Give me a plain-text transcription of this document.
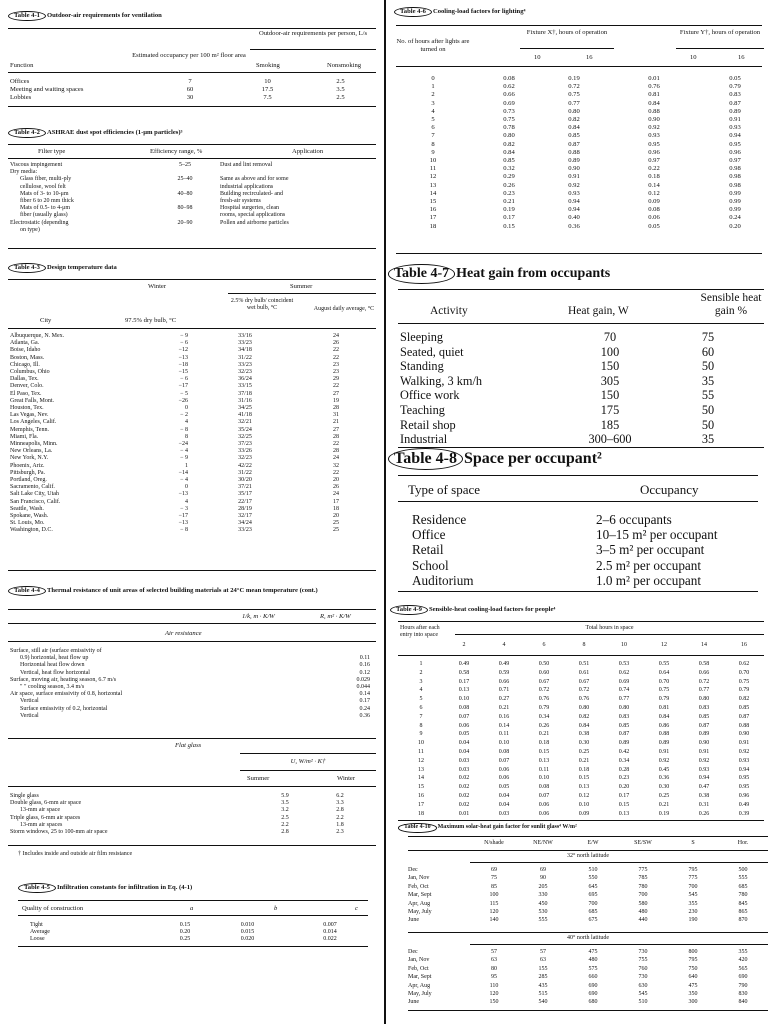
Table 4-1 Outdoor-air requirements for ventilation
Outdoor-air requirements per person, L/s
Estimated occupancy per 100 m² floor area
Function	Smoking	Nonsmoking
Offices	7	10	2.5
Meeting and waiting spaces	60	17.5	3.5
Lobbies	30	7.5	2.5
Table 4-2 ASHRAE dust spot efficiencies (1-μm particles)³
Filter type	Efficiency range, %	Application
Viscous impingement	5–25	Dust and lint removal
Dry media:		
Glass fiber, multi-ply	25–40	Same as above and for some
cellulose, wool felt		industrial applications
Mats of 3- to 10-μm	40–80	Building recirculated- and
fiber 6 to 20 mm thick		fresh-air systems
Mats of 0.5- to 4-μm	80–98	Hospital surgeries, clean
fiber (usually glass)		rooms, special applications
Electrostatic (depending	20–90	Pollen and airborne particles
on type)		
Table 4-3 Design temperature data
Winter	Summer
2.5% dry bulb/ coincident wet bulb, °C	August daily average, °C
City	97.5% dry bulb, °C
Albuquerque, N. Mex.	− 9	33/16	24
Atlanta, Ga.	− 6	33/23	26
Boise, Idaho	−12	34/18	22
Boston, Mass.	−13	31/22	22
Chicago, Ill.	−18	33/23	23
Columbus, Ohio	−15	32/23	23
Dallas, Tex.	− 6	36/24	29
Denver, Colo.	−17	33/15	22
El Paso, Tex.	− 5	37/18	27
Great Falls, Mont.	−26	31/16	19
Houston, Tex.	0	34/25	28
Las Vegas, Nev.	− 2	41/18	31
Los Angeles, Calif.	4	32/21	21
Memphis, Tenn.	− 8	35/24	27
Miami, Fla.	8	32/25	28
Minneapolis, Minn.	−24	37/23	22
New Orleans, La.	− 4	33/26	28
New York, N.Y.	− 9	32/23	24
Phoenix, Ariz.	1	42/22	32
Pittsburgh, Pa.	−14	31/22	22
Portland, Oreg.	− 4	30/20	20
Sacramento, Calif.	0	37/21	26
Salt Lake City, Utah	−13	35/17	24
San Francisco, Calif.	4	22/17	17
Seattle, Wash.	− 3	28/19	18
Spokane, Wash.	−17	32/17	20
St. Louis, Mo.	−13	34/24	25
Washington, D.C.	− 8	33/23	25
Table 4-4 Thermal resistance of unit areas of selected building materials at 24°C mean temperature (cont.)
1/k, m · K/W	R, m² · K/W
Air resistance
Surface, still air (surface emissivity of	
0.9) horizontal, heat flow up	0.11
Horizontal heat flow down	0.16
Vertical, heat flow horizontal	0.12
Surface, moving air, heating season, 6.7 m/s	0.029
″ ″ cooling season, 3.4 m/s	0.044
Air space, surface emissivity of 0.8, horizontal	0.14
Vertical	0.17
Surface emissivity of 0.2, horizontal	0.24
Vertical	0.36
Flat glass
U, W/m² · K†
Summer	Winter
Single glass	5.9	6.2
Double glass, 6-mm air space	3.5	3.3
13-mm air space	3.2	2.8
Triple glass, 6-mm air spaces	2.5	2.2
13-mm air spaces	2.2	1.8
Storm windows, 25 to 100-mm air space	2.8	2.3
† Includes inside and outside air film resistance
Table 4-5 Infiltration constants for infiltration in Eq. (4-1)
Quality of construction	a	b	c
Tight	0.15	0.010	0.007
Average	0.20	0.015	0.014
Loose	0.25	0.020	0.022
Table 4-6 Cooling-load factors for lighting⁴
No. of hours after lights are turned on
Fixture X†, hours of operation	Fixture Y†, hours of operation
10	16	10	16
0	0.08	0.19	0.01	0.05
1	0.62	0.72	0.76	0.79
2	0.66	0.75	0.81	0.83
3	0.69	0.77	0.84	0.87
4	0.73	0.80	0.88	0.89
5	0.75	0.82	0.90	0.91
6	0.78	0.84	0.92	0.93
7	0.80	0.85	0.93	0.94
8	0.82	0.87	0.95	0.95
9	0.84	0.88	0.96	0.96
10	0.85	0.89	0.97	0.97
11	0.32	0.90	0.22	0.98
12	0.29	0.91	0.18	0.98
13	0.26	0.92	0.14	0.98
14	0.23	0.93	0.12	0.99
15	0.21	0.94	0.09	0.99
16	0.19	0.94	0.08	0.99
17	0.17	0.40	0.06	0.24
18	0.15	0.36	0.05	0.20
Table 4-7 Heat gain from occupants
Activity	Heat gain, W
Sensible heat gain %
Sleeping	70	75
Seated, quiet	100	60
Standing	150	50
Walking, 3 km/h	305	35
Office work	150	55
Teaching	175	50
Retail shop	185	50
Industrial	300–600	35
Table 4-8 Space per occupant²
Type of space	Occupancy
Residence	2–6 occupants
Office	10–15 m² per occupant
Retail	3–5 m² per occupant
School	2.5 m² per occupant
Auditorium	1.0 m² per occupant
Table 4-9 Sensible-heat cooling-load factors for people⁴
Hours after each entry into space
Total hours in space
	2	4	6	8	10	12	14	16
1	0.49	0.49	0.50	0.51	0.53	0.55	0.58	0.62
2	0.58	0.59	0.60	0.61	0.62	0.64	0.66	0.70
3	0.17	0.66	0.67	0.67	0.69	0.70	0.72	0.75
4	0.13	0.71	0.72	0.72	0.74	0.75	0.77	0.79
5	0.10	0.27	0.76	0.76	0.77	0.79	0.80	0.82
6	0.08	0.21	0.79	0.80	0.80	0.81	0.83	0.85
7	0.07	0.16	0.34	0.82	0.83	0.84	0.85	0.87
8	0.06	0.14	0.26	0.84	0.85	0.86	0.87	0.88
9	0.05	0.11	0.21	0.38	0.87	0.88	0.89	0.90
10	0.04	0.10	0.18	0.30	0.89	0.89	0.90	0.91
11	0.04	0.08	0.15	0.25	0.42	0.91	0.91	0.92
12	0.03	0.07	0.13	0.21	0.34	0.92	0.92	0.93
13	0.03	0.06	0.11	0.18	0.28	0.45	0.93	0.94
14	0.02	0.06	0.10	0.15	0.23	0.36	0.94	0.95
15	0.02	0.05	0.08	0.13	0.20	0.30	0.47	0.95
16	0.02	0.04	0.07	0.12	0.17	0.25	0.38	0.96
17	0.02	0.04	0.06	0.10	0.15	0.21	0.31	0.49
18	0.01	0.03	0.06	0.09	0.13	0.19	0.26	0.39
Table 4-10 Maximum solar-heat gain factor for sunlit glass⁴ W/m²
	N/shade	NE/NW	E/W	SE/SW	S	Hor.
32° north latitude
Dec	69	69	510	775	795	500
Jan, Nov	75	90	550	785	775	555
Feb, Oct	85	205	645	780	700	685
Mar, Sept	100	330	695	700	545	780
Apr, Aug	115	450	700	580	355	845
May, July	120	530	685	480	230	865
June	140	555	675	440	190	870
40° north latitude
Dec	57	57	475	730	800	355
Jan, Nov	63	63	480	755	795	420
Feb, Oct	80	155	575	760	750	565
Mar, Sept	95	285	660	730	640	690
Apr, Aug	110	435	690	630	475	790
May, July	120	515	690	545	350	830
June	150	540	680	510	300	840
